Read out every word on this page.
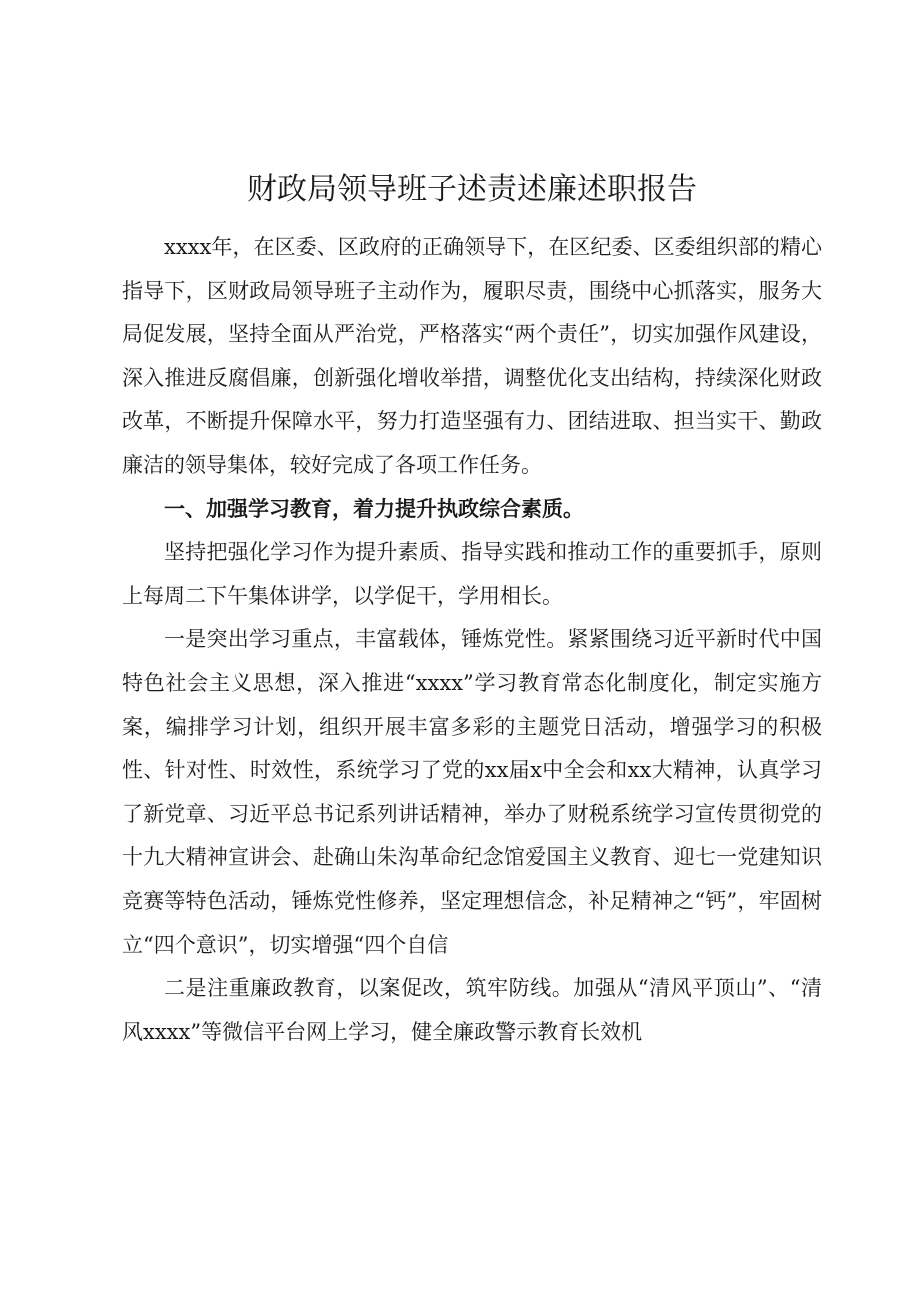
财政局领导班子述责述廉述职报告

xxxx年，在区委、区政府的正确领导下，在区纪委、区委组织部的精心指导下，区财政局领导班子主动作为，履职尽责，围绕中心抓落实，服务大局促发展，坚持全面从严治党，严格落实“两个责任”，切实加强作风建设，深入推进反腐倡廉，创新强化增收举措，调整优化支出结构，持续深化财政改革，不断提升保障水平，努力打造坚强有力、团结进取、担当实干、勤政廉洁的领导集体，较好完成了各项工作任务。

一、加强学习教育，着力提升执政综合素质。

坚持把强化学习作为提升素质、指导实践和推动工作的重要抓手，原则上每周二下午集体讲学，以学促干，学用相长。

一是突出学习重点，丰富载体，锤炼党性。紧紧围绕习近平新时代中国特色社会主义思想，深入推进“xxxx”学习教育常态化制度化，制定实施方案，编排学习计划，组织开展丰富多彩的主题党日活动，增强学习的积极性、针对性、时效性，系统学习了党的xx届x中全会和xx大精神，认真学习了新党章、习近平总书记系列讲话精神，举办了财税系统学习宣传贯彻党的十九大精神宣讲会、赴确山朱沟革命纪念馆爱国主义教育、迎七一党建知识竞赛等特色活动，锤炼党性修养，坚定理想信念，补足精神之“钙”，牢固树立“四个意识”，切实增强“四个自信

二是注重廉政教育，以案促改，筑牢防线。加强从“清风平顶山”、“清风xxxx”等微信平台网上学习，健全廉政警示教育长效机
